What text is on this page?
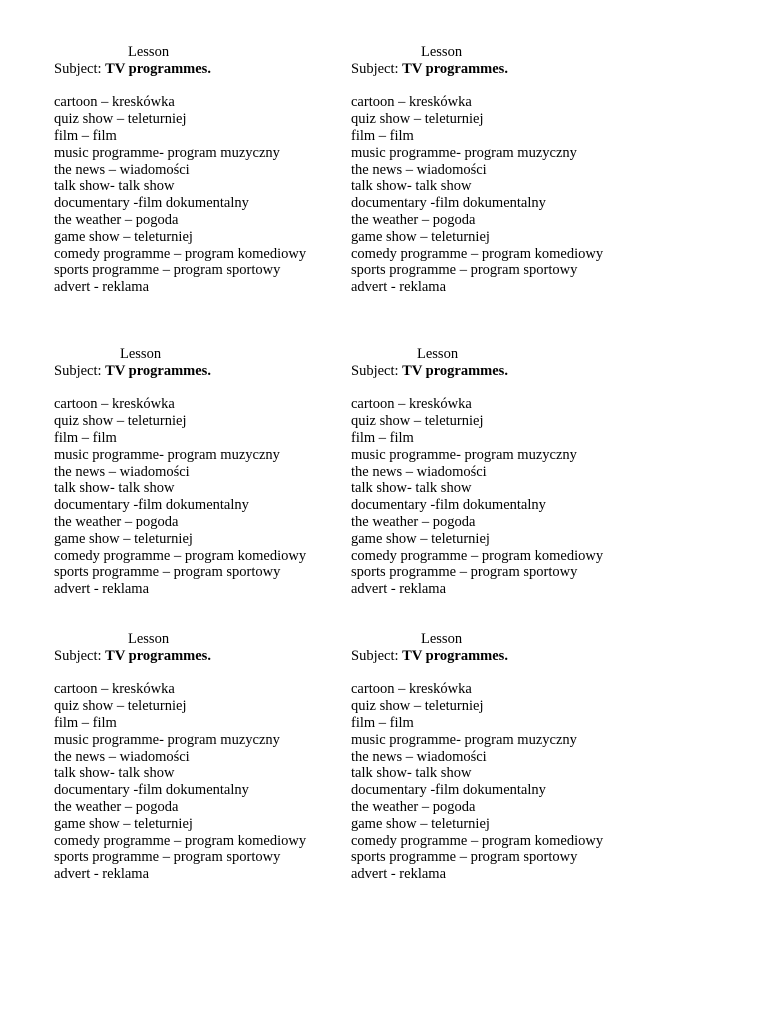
Lesson
Subject: TV programmes.
cartoon – kreskówka
quiz show – teleturniej
film – film
music programme- program muzyczny
the news – wiadomości
talk show- talk show
documentary -film dokumentalny
the weather – pogoda
game show – teleturniej
comedy programme – program komediowy
sports programme – program sportowy
advert - reklama
Lesson
Subject: TV programmes.
cartoon – kreskówka
quiz show – teleturniej
film – film
music programme- program muzyczny
the news – wiadomości
talk show- talk show
documentary -film dokumentalny
the weather – pogoda
game show – teleturniej
comedy programme – program komediowy
sports programme – program sportowy
advert - reklama
Lesson
Subject: TV programmes.
cartoon – kreskówka
quiz show – teleturniej
film – film
music programme- program muzyczny
the news – wiadomości
talk show- talk show
documentary -film dokumentalny
the weather – pogoda
game show – teleturniej
comedy programme – program komediowy
sports programme – program sportowy
advert - reklama
Lesson
Subject: TV programmes.
cartoon – kreskówka
quiz show – teleturniej
film – film
music programme- program muzyczny
the news – wiadomości
talk show- talk show
documentary -film dokumentalny
the weather – pogoda
game show – teleturniej
comedy programme – program komediowy
sports programme – program sportowy
advert - reklama
Lesson
Subject: TV programmes.
cartoon – kreskówka
quiz show – teleturniej
film – film
music programme- program muzyczny
the news – wiadomości
talk show- talk show
documentary -film dokumentalny
the weather – pogoda
game show – teleturniej
comedy programme – program komediowy
sports programme – program sportowy
advert - reklama
Lesson
Subject: TV programmes.
cartoon – kreskówka
quiz show – teleturniej
film – film
music programme- program muzyczny
the news – wiadomości
talk show- talk show
documentary -film dokumentalny
the weather – pogoda
game show – teleturniej
comedy programme – program komediowy
sports programme – program sportowy
advert - reklama
